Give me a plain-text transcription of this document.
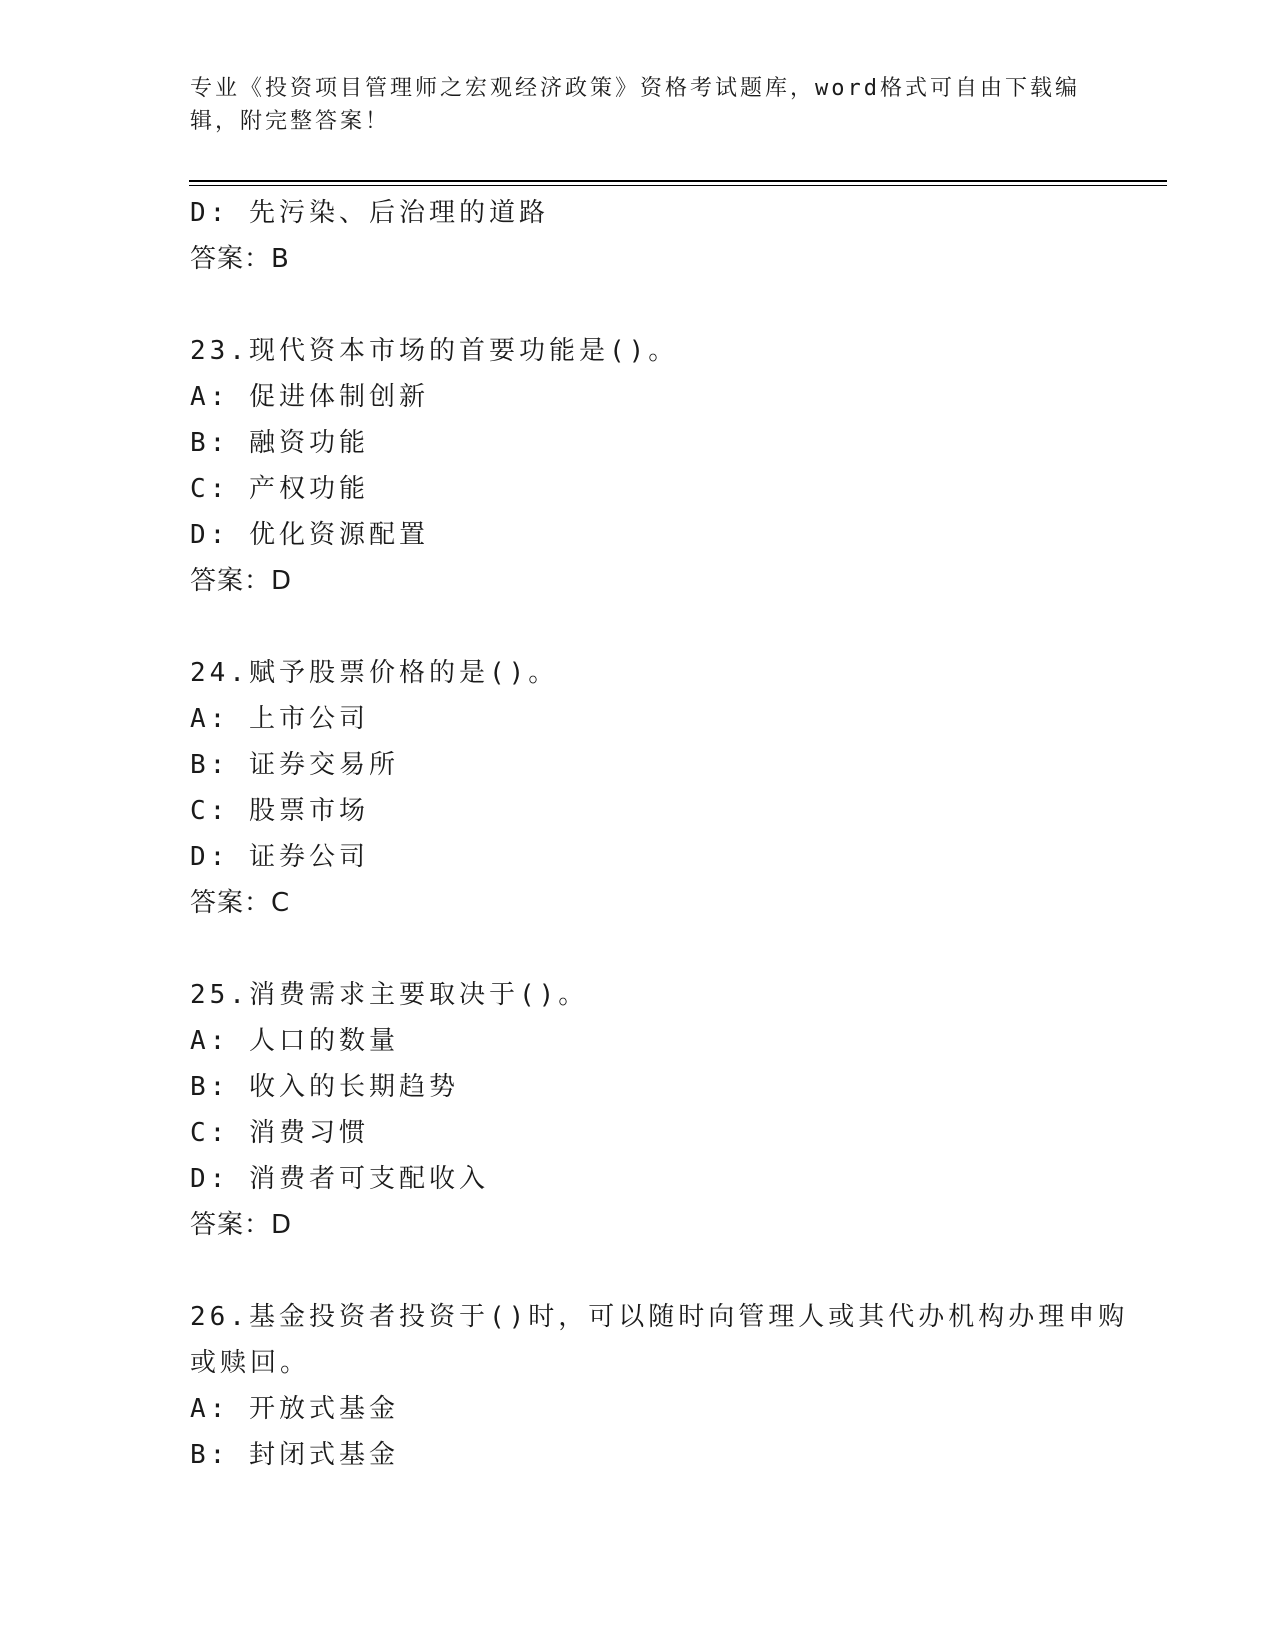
专业《投资项目管理师之宏观经济政策》资格考试题库，word格式可自由下载编辑，附完整答案！
D: 先污染、后治理的道路
答案：B
23.现代资本市场的首要功能是()。
A: 促进体制创新
B: 融资功能
C: 产权功能
D: 优化资源配置
答案：D
24.赋予股票价格的是()。
A: 上市公司
B: 证券交易所
C: 股票市场
D: 证券公司
答案：C
25.消费需求主要取决于()。
A: 人口的数量
B: 收入的长期趋势
C: 消费习惯
D: 消费者可支配收入
答案：D
26.基金投资者投资于()时，可以随时向管理人或其代办机构办理申购
或赎回。
A: 开放式基金
B: 封闭式基金
